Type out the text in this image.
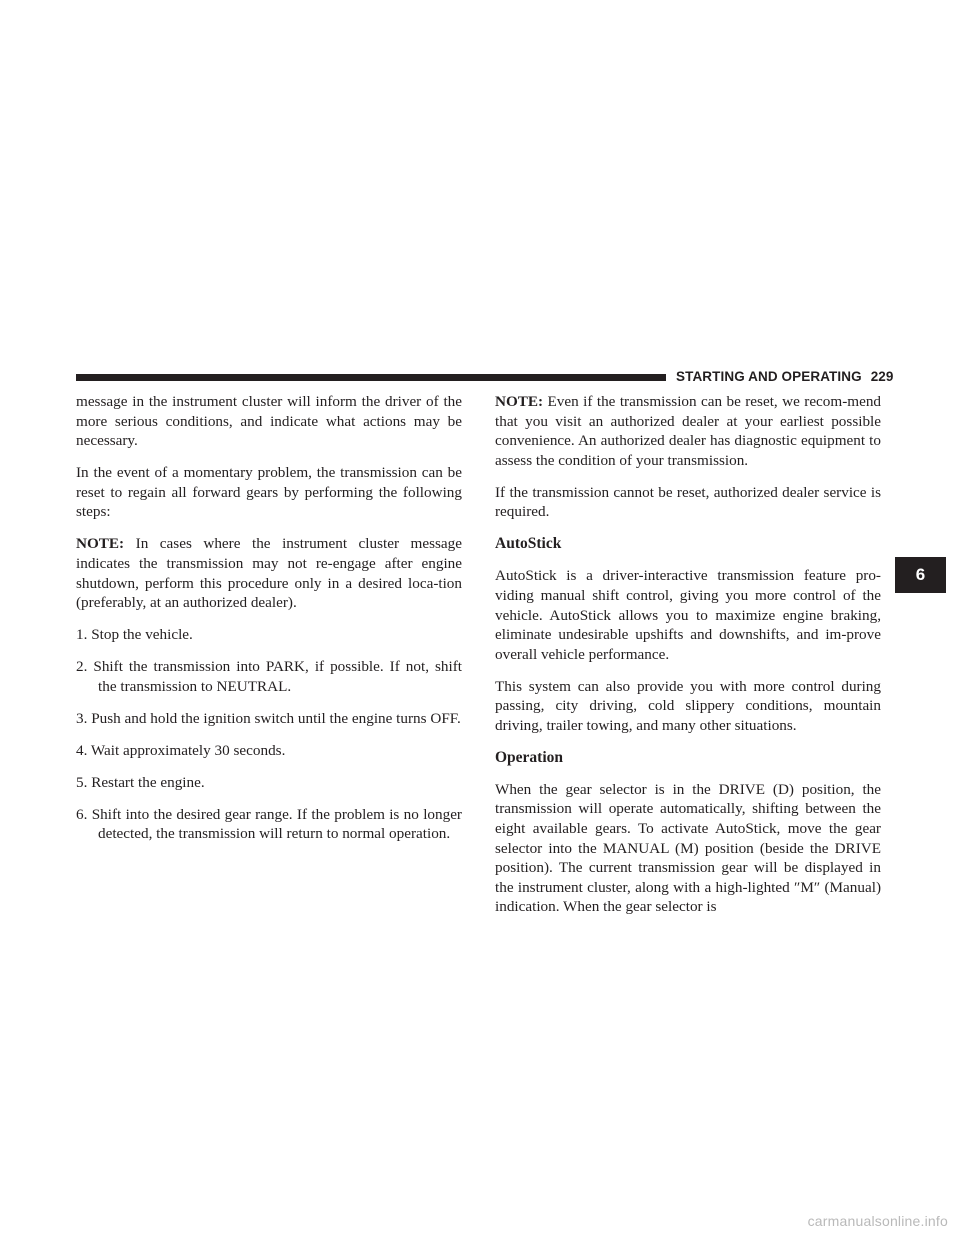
STARTING AND OPERATING 229

message in the instrument cluster will inform the driver of the more serious conditions, and indicate what actions may be necessary.

In the event of a momentary problem, the transmission can be reset to regain all forward gears by performing the following steps:

NOTE: In cases where the instrument cluster message indicates the transmission may not re-engage after engine shutdown, perform this procedure only in a desired loca-tion (preferably, at an authorized dealer).

1. Stop the vehicle.
2. Shift the transmission into PARK, if possible. If not, shift the transmission to NEUTRAL.
3. Push and hold the ignition switch until the engine turns OFF.
4. Wait approximately 30 seconds.
5. Restart the engine.
6. Shift into the desired gear range. If the problem is no longer detected, the transmission will return to normal operation.

NOTE: Even if the transmission can be reset, we recom-mend that you visit an authorized dealer at your earliest possible convenience. An authorized dealer has diagnostic equipment to assess the condition of your transmission.

If the transmission cannot be reset, authorized dealer service is required.

AutoStick

AutoStick is a driver-interactive transmission feature pro-viding manual shift control, giving you more control of the vehicle. AutoStick allows you to maximize engine braking, eliminate undesirable upshifts and downshifts, and im-prove overall vehicle performance.

This system can also provide you with more control during passing, city driving, cold slippery conditions, mountain driving, trailer towing, and many other situations.

Operation

When the gear selector is in the DRIVE (D) position, the transmission will operate automatically, shifting between the eight available gears. To activate AutoStick, move the gear selector into the MANUAL (M) position (beside the DRIVE position). The current transmission gear will be displayed in the instrument cluster, along with a high-lighted ″M″ (Manual) indication. When the gear selector is

6
carmanualsonline.info
